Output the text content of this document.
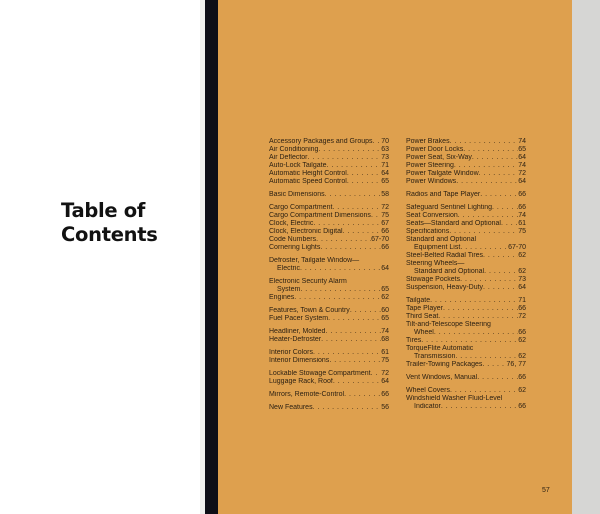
Table of
Contents
Accessory Packages and Groups . . . 70
Air Conditioning . . .	63
Air Deflector . . .	73
Auto-Lock Tailgate . . .	71
Automatic Height Control . . .	64
Automatic Speed Control . . .	65
Basic Dimensions . . .	58
Cargo Compartment . . .	72
Cargo Compartment Dimensions . . . 75
Clock, Electric . . .	67
Clock, Electronic Digital . . .	66
Code Numbers . . .	67-70
Cornering Lights . . .	66
Defroster, Tailgate Window—
Electric . . .	64
Electronic Security Alarm
System . . .	65
Engines . . .	62
Features, Town & Country . . .	60
Fuel Pacer System . . .	65
Headliner, Molded . . .	74
Heater-Defroster . . .	68
Interior Colors . . .	61
Interior Dimensions . . .	75
Lockable Stowage Compartment . . . 72
Luggage Rack, Roof . . .	64
Mirrors, Remote-Control . . .	66
New Features . . .	56
Power Brakes . . .	74
Power Door Locks . . .	65
Power Seat, Six-Way . . .	64
Power Steering . . .	74
Power Tailgate Window . . .	72
Power Windows . . .	64
Radios and Tape Player . . .	66
Safeguard Sentinel Lighting . . .	66
Seat Conversion . . .	74
Seats—Standard and Optional . . . 61
Specifications . . .	75
Standard and Optional
Equipment List . . .	67-70
Steel-Belted Radial Tires . . .	62
Steering Wheels—
Standard and Optional . . .	62
Stowage Pockets . . .	73
Suspension, Heavy-Duty . . .	64
Tailgate . . .	71
Tape Player . . .	66
Third Seat . . .	72
Tilt-and-Telescope Steering
Wheel . . .	66
Tires . . .	62
TorqueFlite Automatic
Transmission . . .	62
Trailer-Towing Packages . . .	76, 77
Vent Windows, Manual . . .	66
Wheel Covers . . .	62
Windshield Washer Fluid-Level
Indicator . . .	66
57
